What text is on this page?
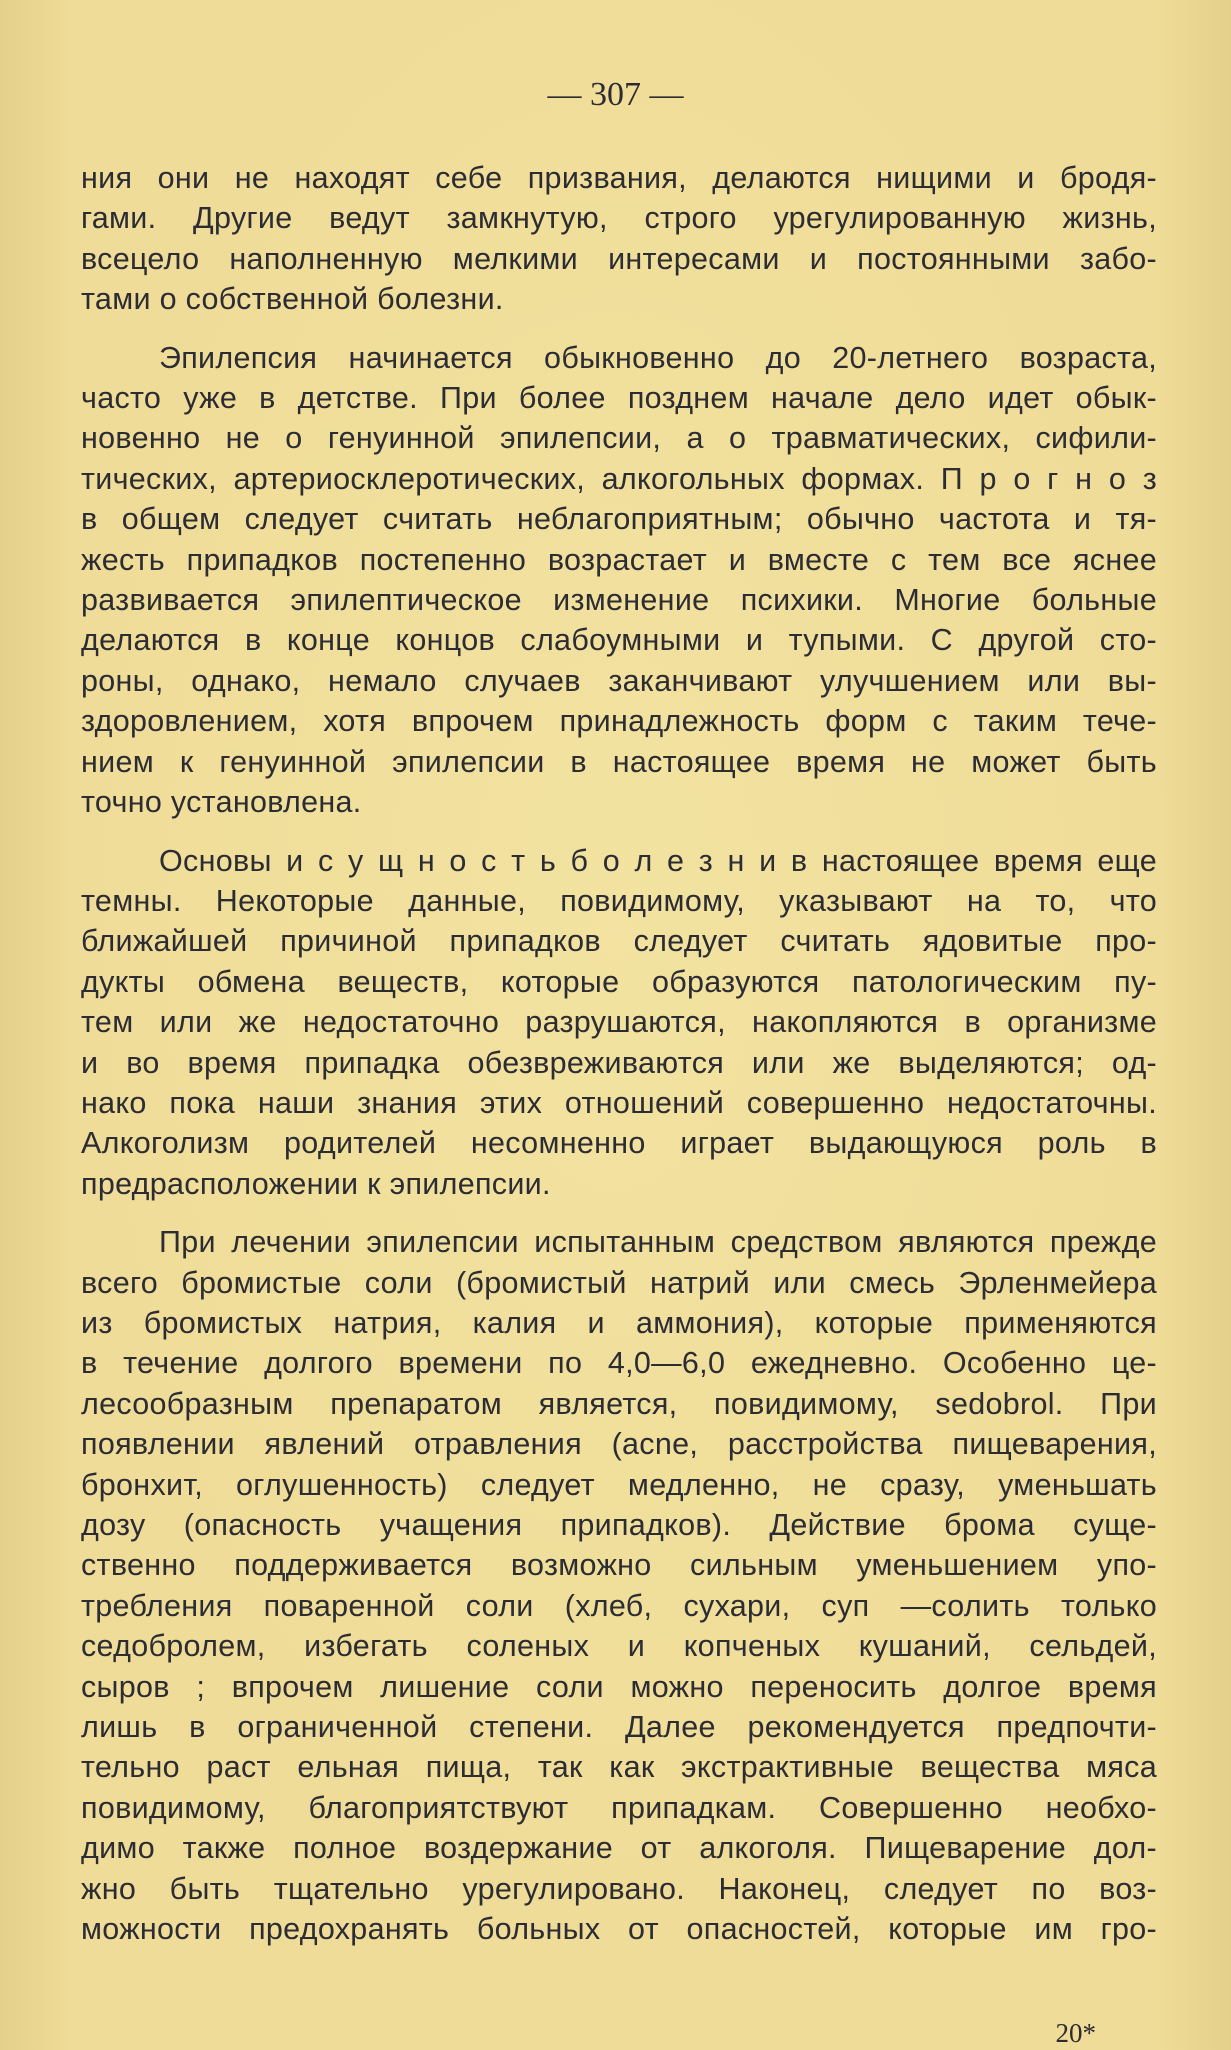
— 307 —
ния они не находят себе призвания, делаются нищими и бродя-
гами. Другие ведут замкнутую, строго урегулированную жизнь,
всецело наполненную мелкими интересами и постоянными забо-
тами о собственной болезни.
Эпилепсия начинается обыкновенно до 20-летнего возраста,
часто уже в детстве. При более позднем начале дело идет обык-
новенно не о генуинной эпилепсии, а о травматических, сифили-
тических, артериосклеротических, алкогольных формах. П р о г н о з
в общем следует считать неблагоприятным; обычно частота и тя-
жесть припадков постепенно возрастает и вместе с тем все яснее
развивается эпилептическое изменение психики. Многие больные
делаются в конце концов слабоумными и тупыми. С другой сто-
роны, однако, немало случаев заканчивают улучшением или вы-
здоровлением, хотя впрочем принадлежность форм с таким тече-
нием к генуинной эпилепсии в настоящее время не может быть
точно установлена.
Основы и с у щ н о с т ь б о л е з н и в настоящее время еще
темны. Некоторые данные, повидимому, указывают на то, что
ближайшей причиной припадков следует считать ядовитые про-
дукты обмена веществ, которые образуются патологическим пу-
тем или же недостаточно разрушаются, накопляются в организме
и во время припадка обезвреживаются или же выделяются; од-
нако пока наши знания этих отношений совершенно недостаточны.
Алкоголизм родителей несомненно играет выдающуюся роль в
предрасположении к эпилепсии.
При лечении эпилепсии испытанным средством являются прежде
всего бромистые соли (бромистый натрий или смесь Эрленмейера
из бромистых натрия, калия и аммония), которые применяются
в течение долгого времени по 4,0—6,0 ежедневно. Особенно це-
лесообразным препаратом является, повидимому, sedobrol. При
появлении явлений отравления (acne, расстройства пищеварения,
бронхит, оглушенность) следует медленно, не сразу, уменьшать
дозу (опасность учащения припадков). Действие брома суще-
ственно поддерживается возможно сильным уменьшением упо-
требления поваренной соли (хлеб, сухари, суп —солить только
седобролем, избегать соленых и копченых кушаний, сельдей,
сыров ; впрочем лишение соли можно переносить долгое время
лишь в ограниченной степени. Далее рекомендуется предпочти-
тельно раст ельная пища, так как экстрактивные вещества мяса
повидимому, благоприятствуют припадкам. Совершенно необхо-
димо также полное воздержание от алкоголя. Пищеварение дол-
жно быть тщательно урегулировано. Наконец, следует по воз-
можности предохранять больных от опасностей, которые им гро-
20*
